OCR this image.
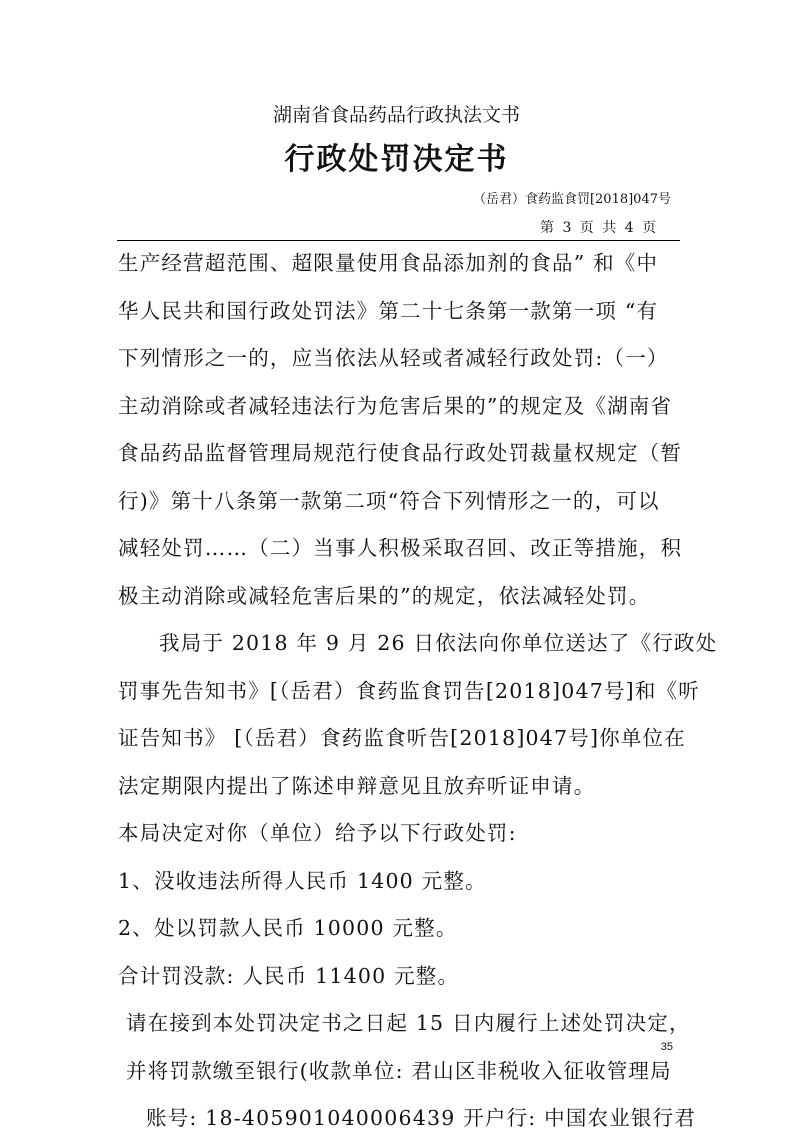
湖南省食品药品行政执法文书
行政处罚决定书
（岳君）食药监食罚[2018]047号
第 3 页 共 4 页
生产经营超范围、超限量使用食品添加剂的食品” 和《中
华人民共和国行政处罚法》第二十七条第一款第一项 “有
下列情形之一的，应当依法从轻或者减轻行政处罚:（一）
主动消除或者减轻违法行为危害后果的”的规定及《湖南省
食品药品监督管理局规范行使食品行政处罚裁量权规定（暂
行)》第十八条第一款第二项“符合下列情形之一的，可以
减轻处罚……（二）当事人积极采取召回、改正等措施，积
极主动消除或减轻危害后果的”的规定，依法减轻处罚。
我局于 2018 年 9 月 26 日依法向你单位送达了《行政处
罚事先告知书》[（岳君）食药监食罚告[2018]047号]和《听
证告知书》 [（岳君）食药监食听告[2018]047号]你单位在
法定期限内提出了陈述申辩意见且放弃听证申请。
本局决定对你（单位）给予以下行政处罚:
1、没收违法所得人民币 1400 元整。
2、处以罚款人民币 10000 元整。
合计罚没款: 人民币 11400 元整。
请在接到本处罚决定书之日起 15 日内履行上述处罚决定，
并将罚款缴至银行(收款单位: 君山区非税收入征收管理局
账号: 18-405901040006439 开户行: 中国农业银行君
35
